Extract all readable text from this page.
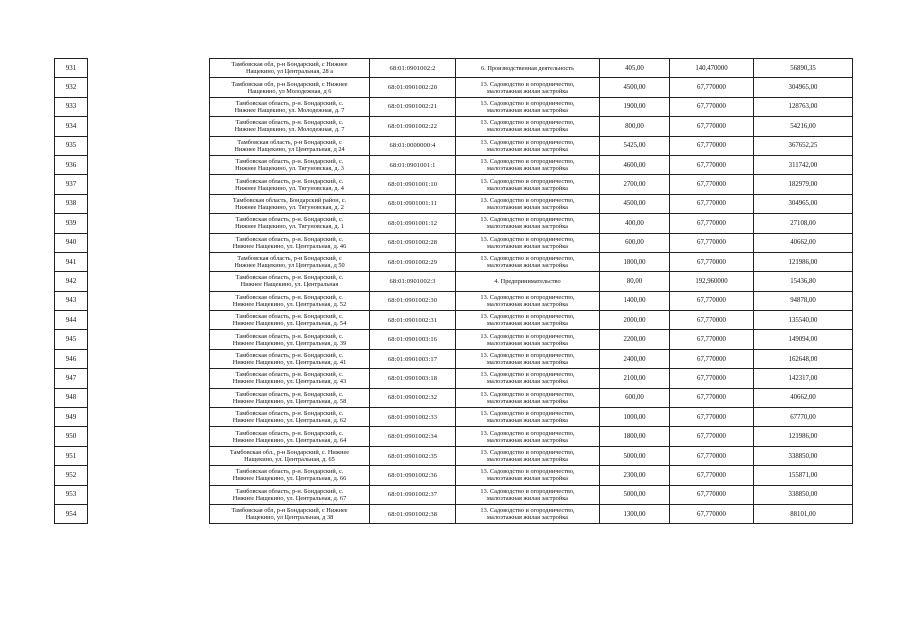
931		Тамбовская обл, р-н Бондарский, с Нижнее
Нащекино, ул Центральная, 28 а	68:01:0901002:2	6. Производственная деятельность	405,00	140,470000	56890,35
932		Тамбовская обл, р-н Бондарский, с Нижнее
Нащекино, ул Молодежная, д 6	68:01:0901002:20	13. Садоводство и огородничество,
малоэтажная жилая застройка	4500,00	67,770000	304965,00
933		Тамбовская область, р-н. Бондарский, с.
Нижнее Нащекино, ул. Молодежная, д. 7	68:01:0901002:21	13. Садоводство и огородничество,
малоэтажная жилая застройка	1900,00	67,770000	128763,00
934		Тамбовская область, р-н. Бондарский, с.
Нижнее Нащекино, ул. Молодежная, д. 7	68:01:0901002:22	13. Садоводство и огородничество,
малоэтажная жилая застройка	800,00	67,770000	54216,00
935		Тамбовская область, р-н Бондарский, с
Нижнее Нащекино, ул Центральная, д 24	68:01:0000000:4	13. Садоводство и огородничество,
малоэтажная жилая застройка	5425,00	67,770000	367652,25
936		Тамбовская область, р-н. Бондарский, с.
Нижнее Нащекино, ул. Тягуновская, д. 3	68:01:0901001:1	13. Садоводство и огородничество,
малоэтажная жилая застройка	4600,00	67,770000	311742,00
937		Тамбовская область, р-н. Бондарский, с.
Нижнее Нащекино, ул. Тягуновская, д. 4	68:01:0901001:10	13. Садоводство и огородничество,
малоэтажная жилая застройка	2700,00	67,770000	182979,00
938		Тамбовская область, Бондарский район, с.
Нижнее Нащекино, ул. Тягуновская, д. 2	68:01:0901001:11	13. Садоводство и огородничество,
малоэтажная жилая застройка	4500,00	67,770000	304965,00
939		Тамбовская область, р-н. Бондарский, с.
Нижнее Нащекино, ул. Тягуновская, д. 1	68:01:0901001:12	13. Садоводство и огородничество,
малоэтажная жилая застройка	400,00	67,770000	27108,00
940		Тамбовская область, р-н. Бондарский, с.
Нижнее Нащекино, ул. Центральная, д. 46	68:01:0901002:28	13. Садоводство и огородничество,
малоэтажная жилая застройка	600,00	67,770000	40662,00
941		Тамбовская область, р-н Бондарский, с
Нижнее Нащекино, ул Центральная, д 50	68:01:0901002:29	13. Садоводство и огородничество,
малоэтажная жилая застройка	1800,00	67,770000	121986,00
942		Тамбовская область, р-н. Бондарский, с.
Нижнее Нащекино, ул. Центральная	68:01:0901002:3	4. Предпринимательство	80,00	192,960000	15436,80
943		Тамбовская область, р-н. Бондарский, с.
Нижнее Нащекино, ул. Центральная, д. 52	68:01:0901002:30	13. Садоводство и огородничество,
малоэтажная жилая застройка	1400,00	67,770000	94878,00
944		Тамбовская область, р-н. Бондарский, с.
Нижнее Нащекино, ул. Центральная, д. 54	68:01:0901002:31	13. Садоводство и огородничество,
малоэтажная жилая застройка	2000,00	67,770000	135540,00
945		Тамбовская область, р-н. Бондарский, с.
Нижнее Нащекино, ул. Центральная, д. 39	68:01:0901003:16	13. Садоводство и огородничество,
малоэтажная жилая застройка	2200,00	67,770000	149094,00
946		Тамбовская область, р-н. Бондарский, с.
Нижнее Нащекино, ул. Центральная, д. 41	68:01:0901003:17	13. Садоводство и огородничество,
малоэтажная жилая застройка	2400,00	67,770000	162648,00
947		Тамбовская область, р-н. Бондарский, с.
Нижнее Нащекино, ул. Центральная, д. 43	68:01:0901003:18	13. Садоводство и огородничество,
малоэтажная жилая застройка	2100,00	67,770000	142317,00
948		Тамбовская область, р-н. Бондарский, с.
Нижнее Нащекино, ул. Центральная, д. 58	68:01:0901002:32	13. Садоводство и огородничество,
малоэтажная жилая застройка	600,00	67,770000	40662,00
949		Тамбовская область, р-н. Бондарский, с.
Нижнее Нащекино, ул. Центральная, д. 62	68:01:0901002:33	13. Садоводство и огородничество,
малоэтажная жилая застройка	1000,00	67,770000	67770,00
950		Тамбовская область, р-н. Бондарский, с.
Нижнее Нащекино, ул. Центральная, д. 64	68:01:0901002:34	13. Садоводство и огородничество,
малоэтажная жилая застройка	1800,00	67,770000	121986,00
951		Тамбовская обл., р-н Бондарский, с. Нижнее
Нащекино, ул. Центральная, д. 65	68:01:0901002:35	13. Садоводство и огородничество,
малоэтажная жилая застройка	5000,00	67,770000	338850,00
952		Тамбовская область, р-н. Бондарский, с.
Нижнее Нащекино, ул. Центральная, д. 66	68:01:0901002:36	13. Садоводство и огородничество,
малоэтажная жилая застройка	2300,00	67,770000	155871,00
953		Тамбовская область, р-н. Бондарский, с.
Нижнее Нащекино, ул. Центральная, д. 67	68:01:0901002:37	13. Садоводство и огородничество,
малоэтажная жилая застройка	5000,00	67,770000	338850,00
954		Тамбовская обл, р-н Бондарский, с Нижнее
Нащекино, ул Центральная, д 38	68:01:0901002:38	13. Садоводство и огородничество,
малоэтажная жилая застройка	1300,00	67,770000	88101,00
